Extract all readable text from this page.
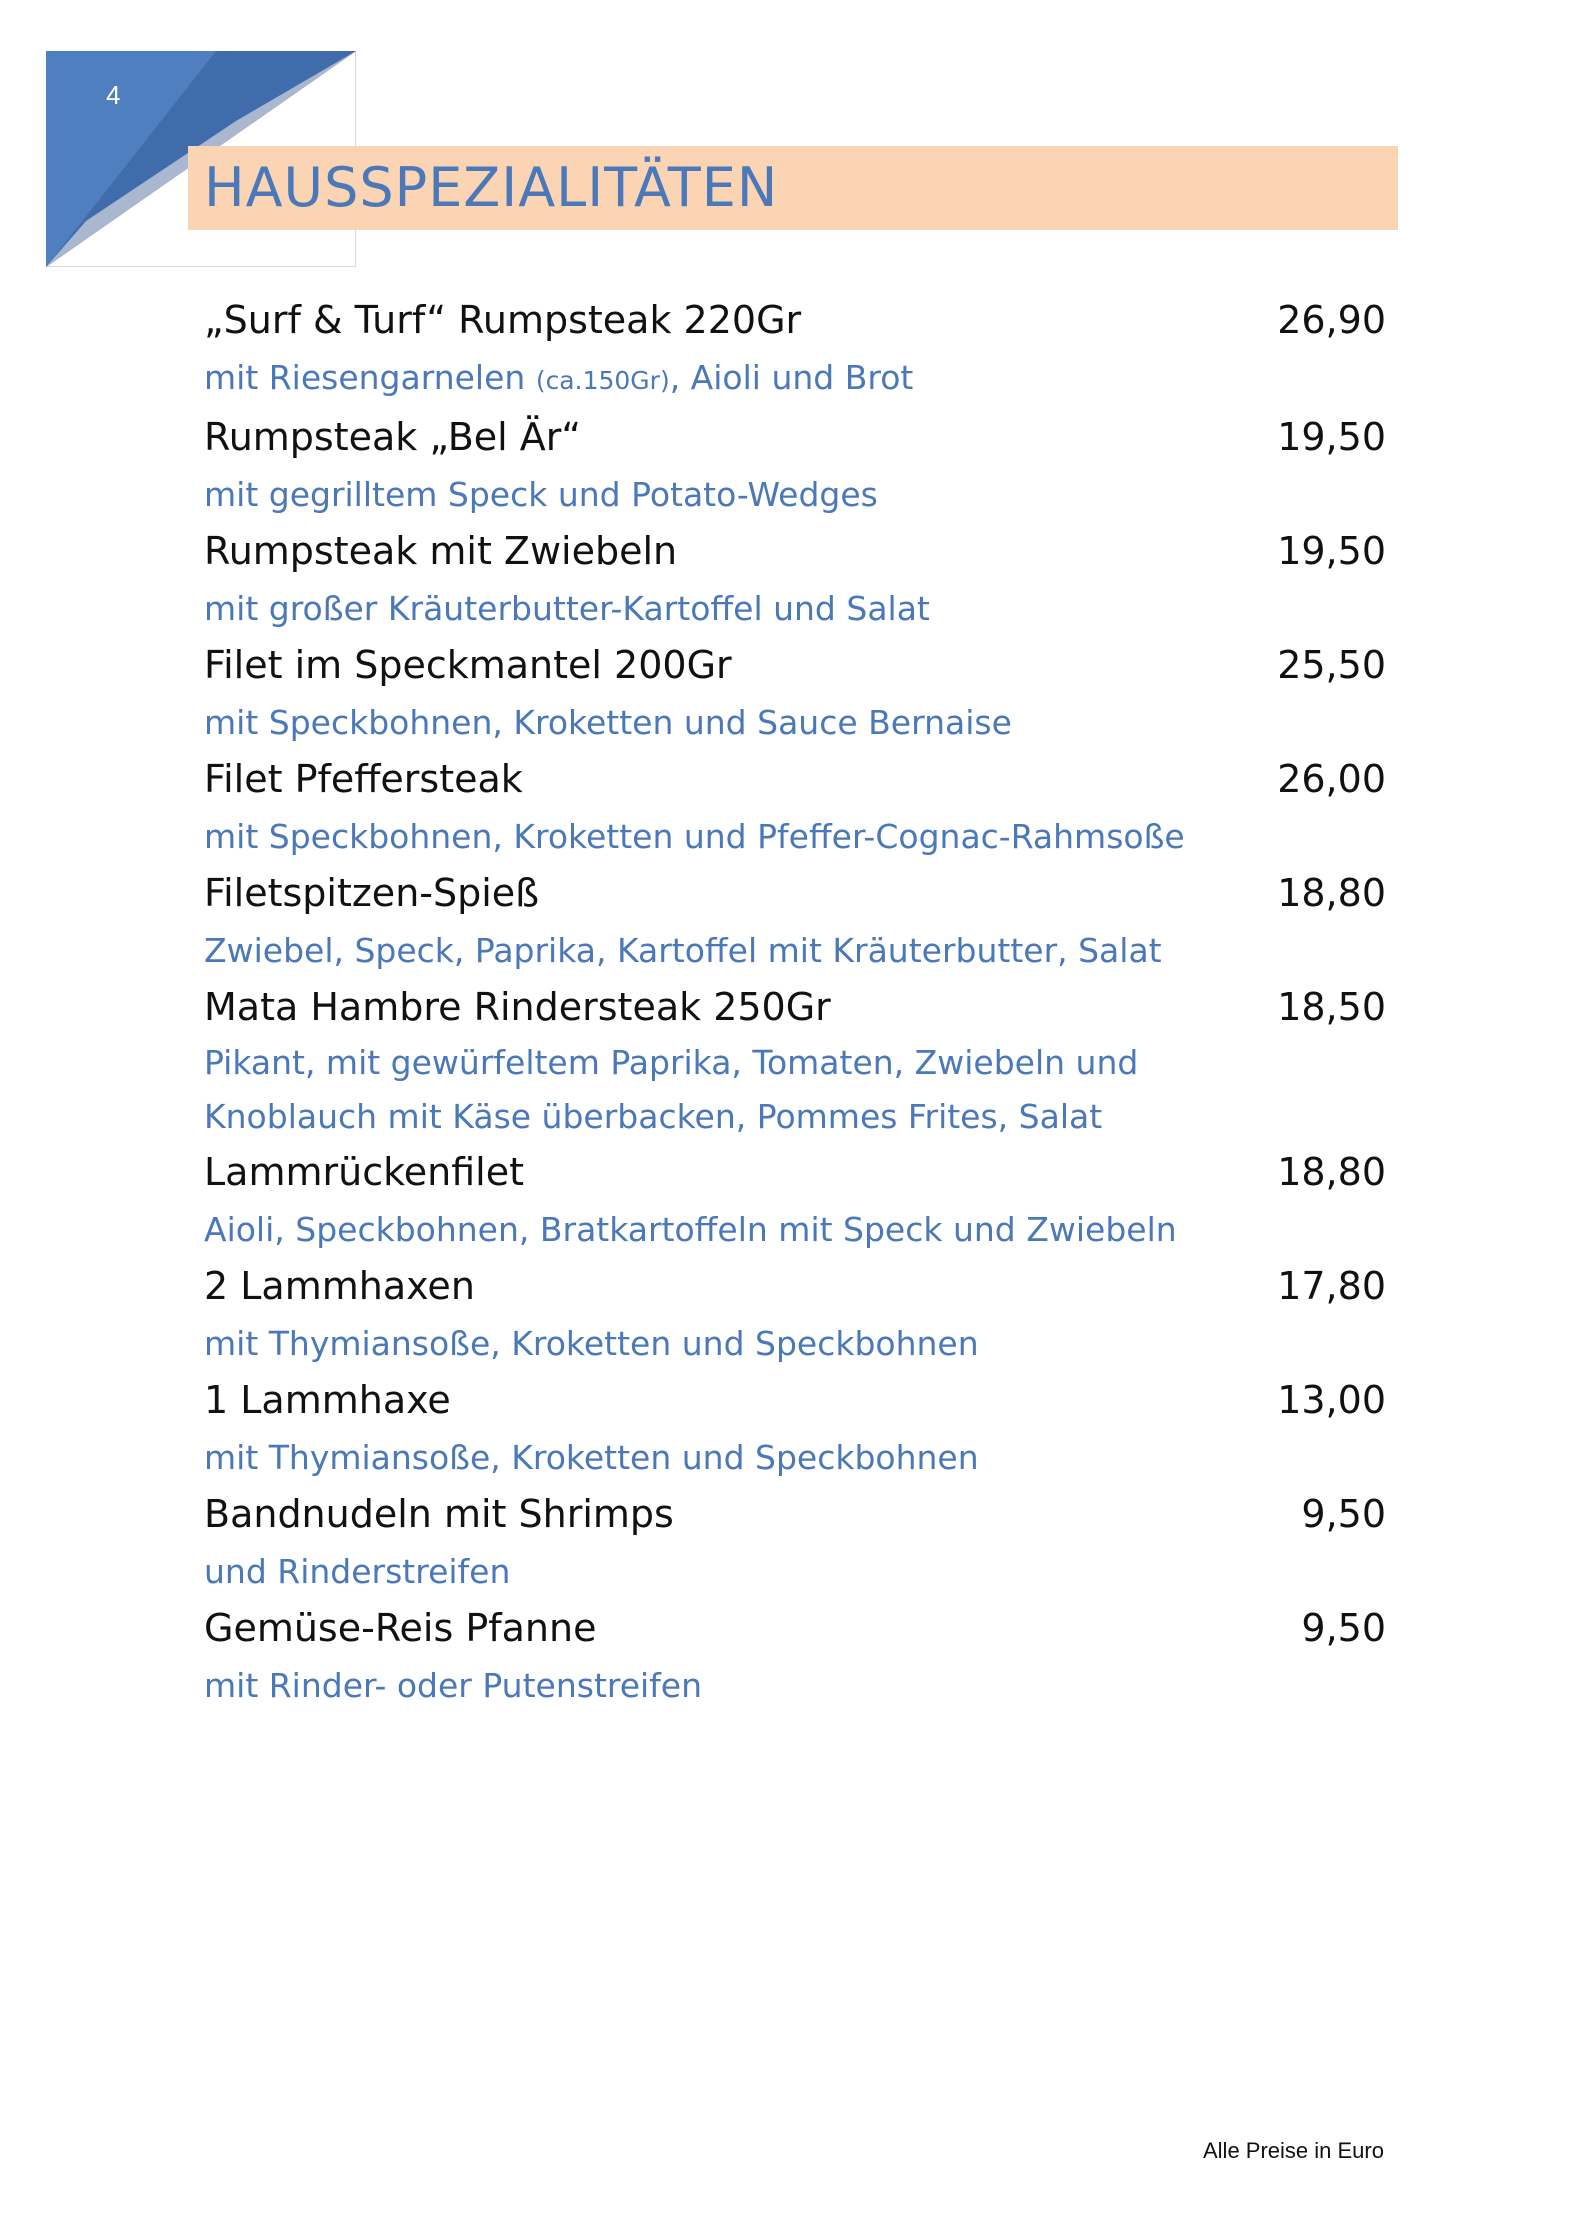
4
HAUSSPEZIALITÄTEN
„Surf & Turf“ Rumpsteak 220Gr	26,90
mit Riesengarnelen (ca.150Gr), Aioli und Brot
Rumpsteak „Bel Är“	19,50
mit gegrilltem Speck und Potato-Wedges
Rumpsteak mit Zwiebeln	19,50
mit großer Kräuterbutter-Kartoffel und Salat
Filet im Speckmantel 200Gr	25,50
mit Speckbohnen, Kroketten und Sauce Bernaise
Filet Pfeffersteak	26,00
mit Speckbohnen, Kroketten und Pfeffer-Cognac-Rahmsoße
Filetspitzen-Spieß	18,80
Zwiebel, Speck, Paprika, Kartoffel mit Kräuterbutter, Salat
Mata Hambre Rindersteak 250Gr	18,50
Pikant, mit gewürfeltem Paprika, Tomaten, Zwiebeln und
Knoblauch mit Käse überbacken, Pommes Frites, Salat
Lammrückenfilet	18,80
Aioli, Speckbohnen, Bratkartoffeln mit Speck und Zwiebeln
2 Lammhaxen	17,80
mit Thymiansoße, Kroketten und Speckbohnen
1 Lammhaxe	13,00
mit Thymiansoße, Kroketten und Speckbohnen
Bandnudeln mit Shrimps	9,50
und Rinderstreifen
Gemüse-Reis Pfanne	9,50
mit Rinder- oder Putenstreifen
Alle Preise in Euro
